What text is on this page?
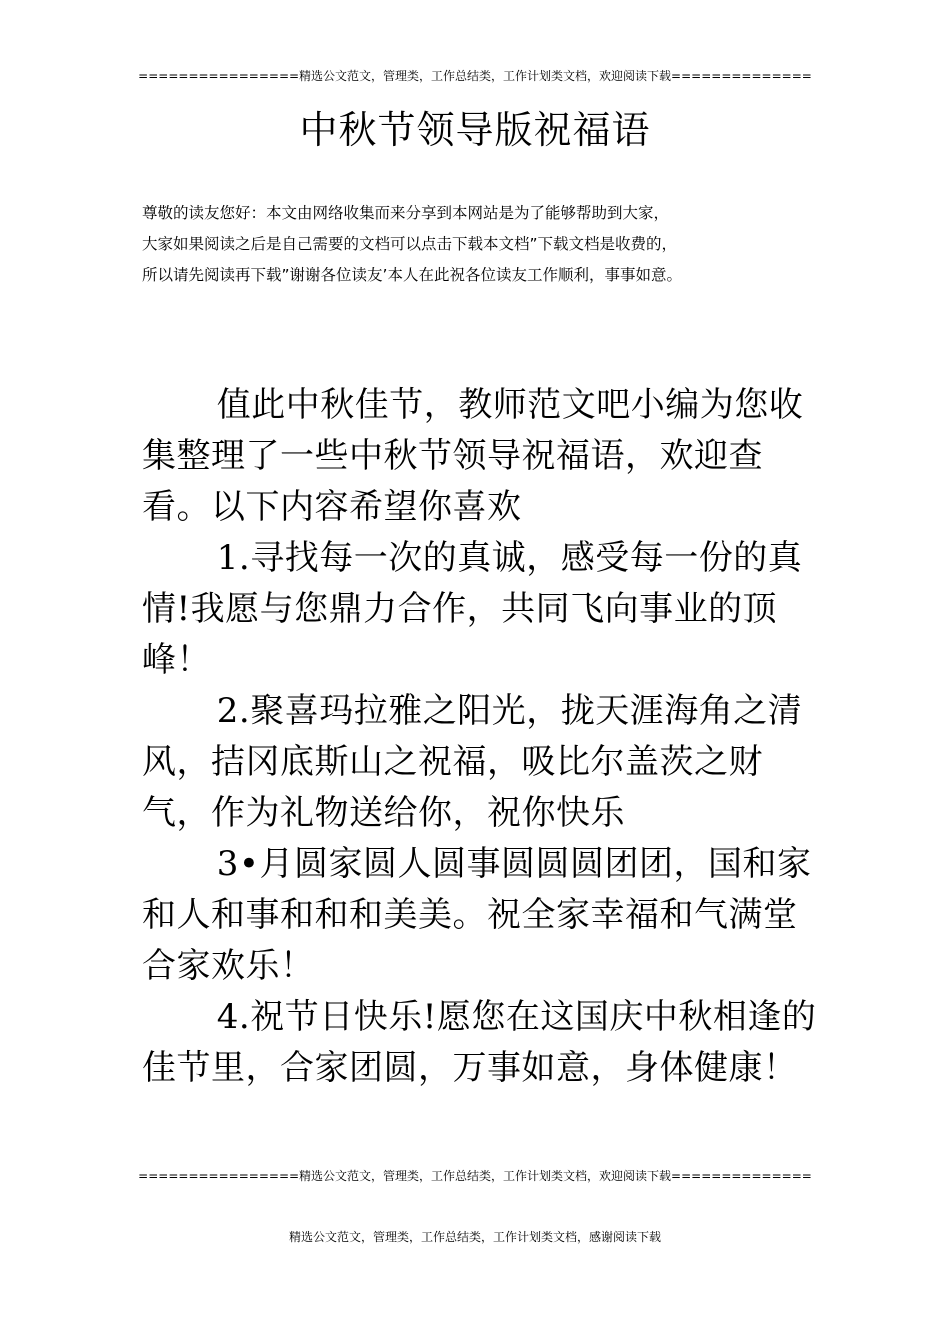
================精选公文范文，管理类，工作总结类，工作计划类文档，欢迎阅读下载==============
中秋节领导版祝福语
尊敬的读友您好：本文由网络收集而来分享到本网站是为了能够帮助到大家，
大家如果阅读之后是自己需要的文档可以点击下载本文档”下载文档是收费的，
所以请先阅读再下载”谢谢各位读友’本人在此祝各位读友工作顺利，事事如意。

值此中秋佳节，教师范文吧小编为您收集整理了一些中秋节领导祝福语，欢迎查看。以下内容希望你喜欢

1.寻找每一次的真诚，感受每一份的真情!我愿与您鼎力合作，共同飞向事业的顶峰！

2.聚喜玛拉雅之阳光，拢天涯海角之清风，拮冈底斯山之祝福，吸比尔盖茨之财气，作为礼物送给你，祝你快乐

3•月圆家圆人圆事圆圆圆团团，国和家和人和事和和和美美。祝全家幸福和气满堂合家欢乐！

4.祝节日快乐!愿您在这国庆中秋相逢的佳节里，合家团圆，万事如意，身体健康！

================精选公文范文，管理类，工作总结类，工作计划类文档，欢迎阅读下载==============
精选公文范文，管理类，工作总结类，工作计划类文档，感谢阅读下载
